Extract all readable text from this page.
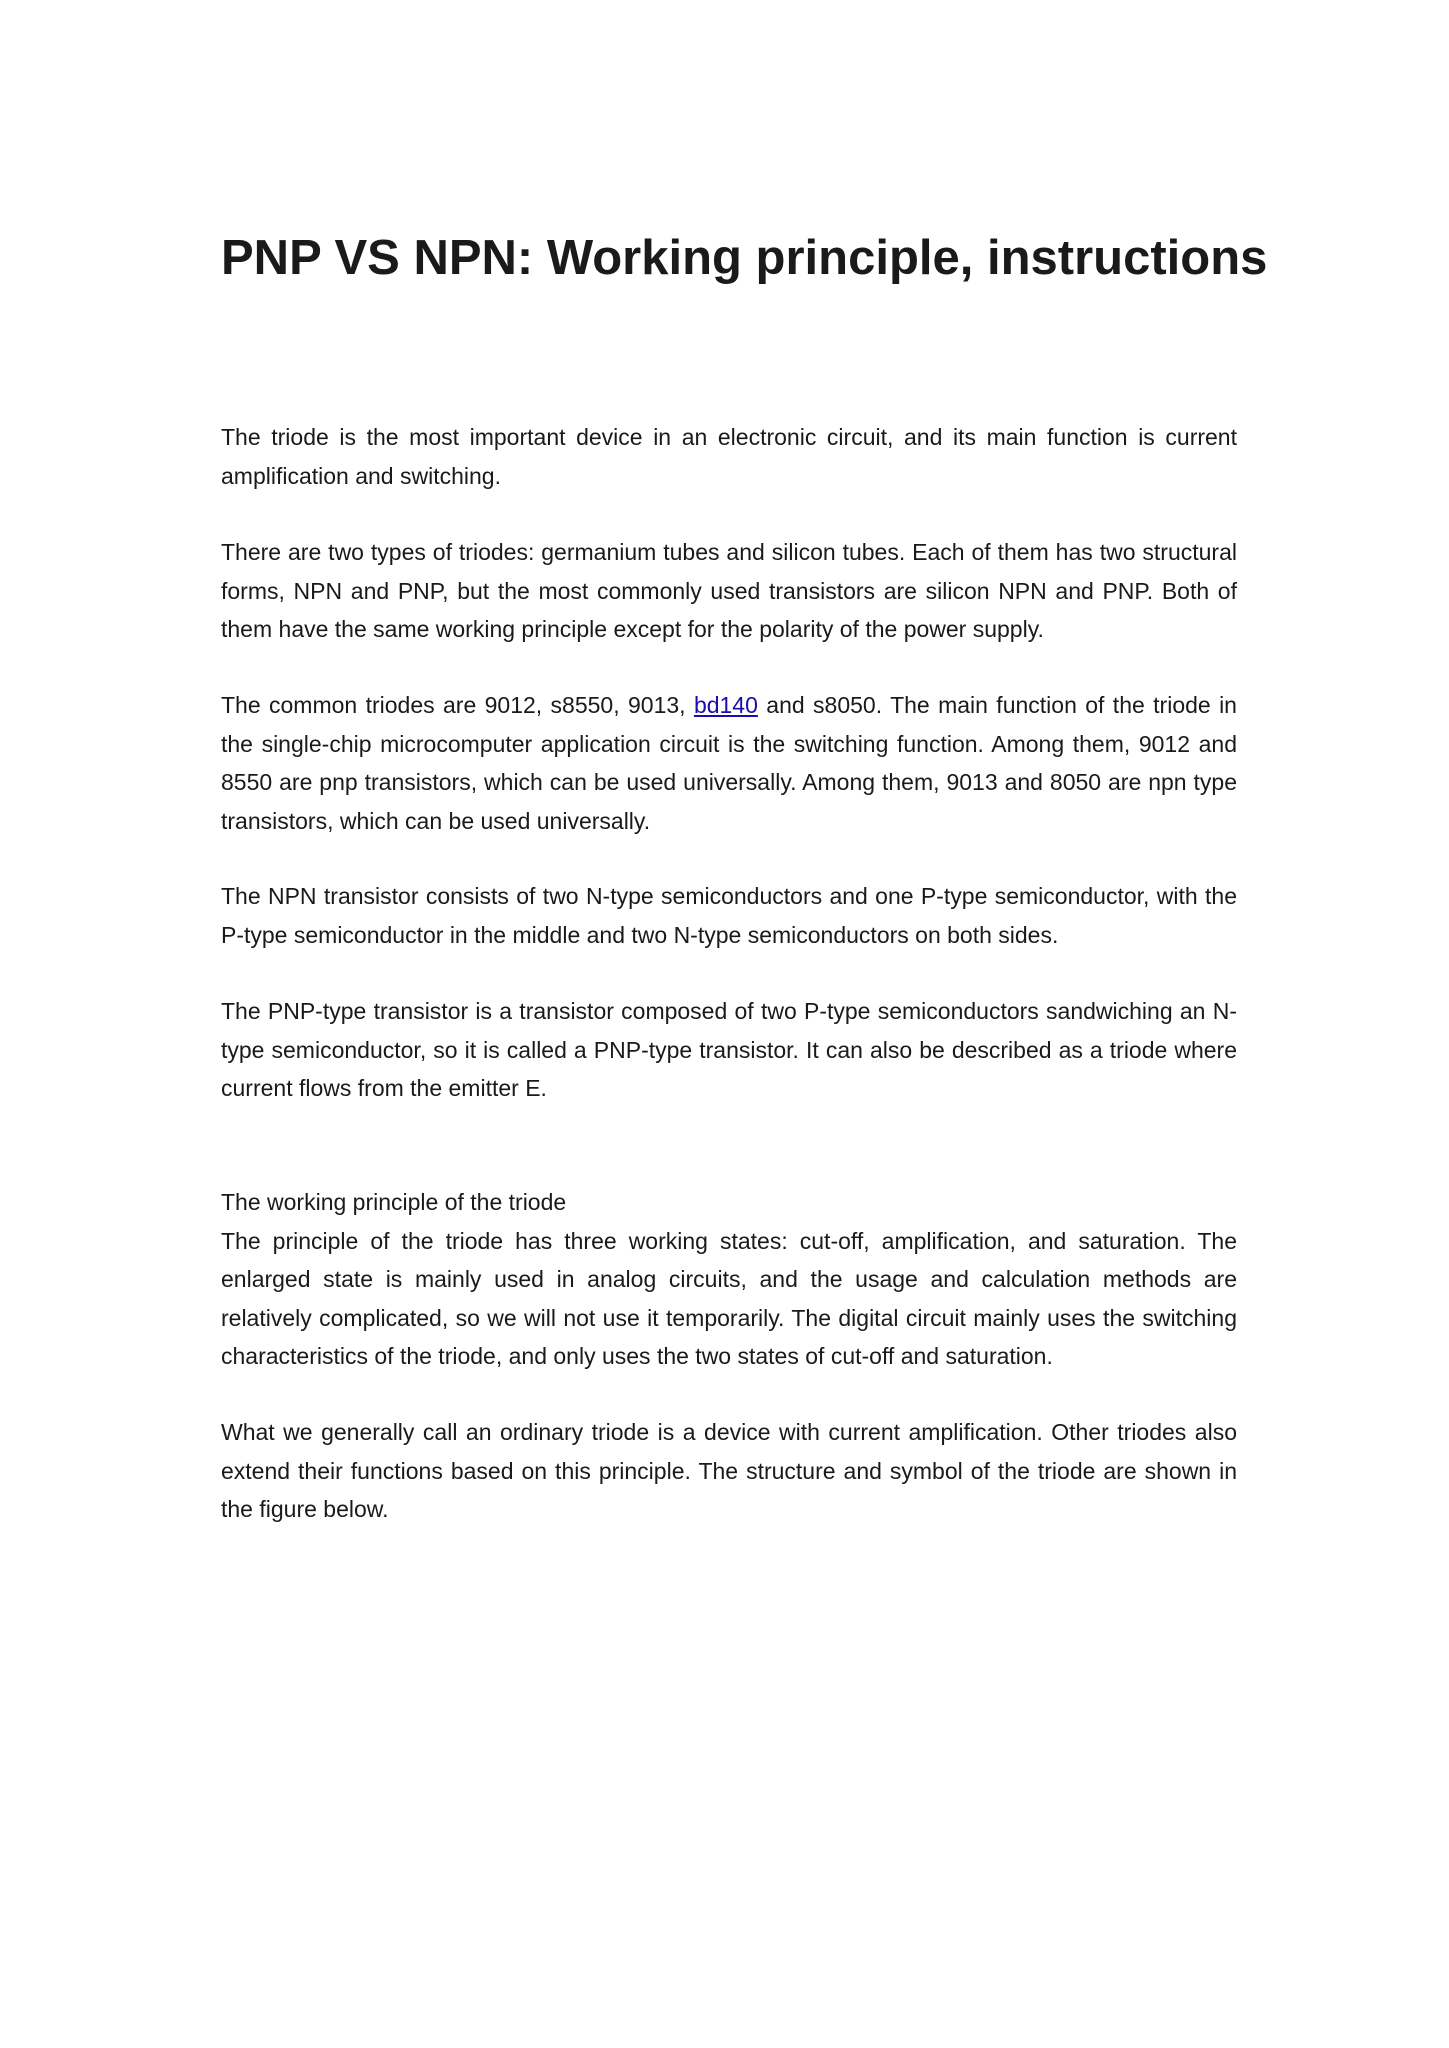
PNP VS NPN: Working principle, instructions

The triode is the most important device in an electronic circuit, and its main function is current amplification and switching.

There are two types of triodes: germanium tubes and silicon tubes. Each of them has two structural forms, NPN and PNP, but the most commonly used transistors are silicon NPN and PNP. Both of them have the same working principle except for the polarity of the power supply.

The common triodes are 9012, s8550, 9013, bd140 and s8050. The main function of the triode in the single-chip microcomputer application circuit is the switching function. Among them, 9012 and 8550 are pnp transistors, which can be used universally. Among them, 9013 and 8050 are npn type transistors, which can be used universally.

The NPN transistor consists of two N-type semiconductors and one P-type semiconductor, with the P-type semiconductor in the middle and two N-type semiconductors on both sides.

The PNP-type transistor is a transistor composed of two P-type semiconductors sandwiching an N-type semiconductor, so it is called a PNP-type transistor. It can also be described as a triode where current flows from the emitter E.

The working principle of the triode
The principle of the triode has three working states: cut-off, amplification, and saturation. The enlarged state is mainly used in analog circuits, and the usage and calculation methods are relatively complicated, so we will not use it temporarily. The digital circuit mainly uses the switching characteristics of the triode, and only uses the two states of cut-off and saturation.

What we generally call an ordinary triode is a device with current amplification. Other triodes also extend their functions based on this principle. The structure and symbol of the triode are shown in the figure below.
